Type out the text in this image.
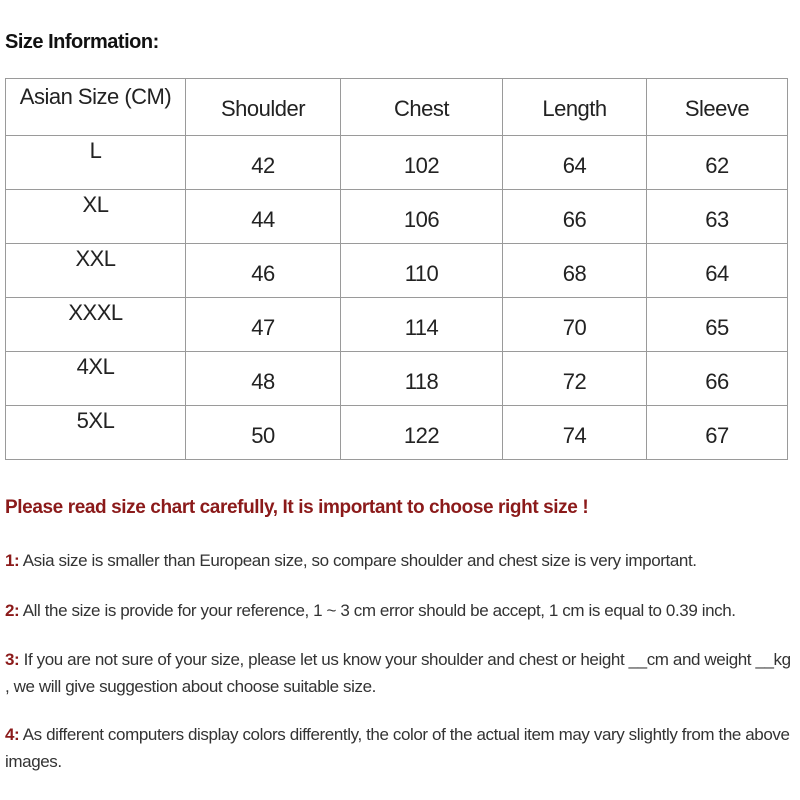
Size Information:
Asian Size (CM)	Shoulder	Chest	Length	Sleeve
L	42	102	64	62
XL	44	106	66	63
XXL	46	110	68	64
XXXL	47	114	70	65
4XL	48	118	72	66
5XL	50	122	74	67
Please read size chart carefully, It is important to choose right size !
1: Asia size is smaller than European size, so compare shoulder and chest size is very important.
2: All the size is provide for your reference, 1 ~ 3 cm error should be accept, 1 cm is equal to 0.39 inch.
3: If you are not sure of your size, please let us know your shoulder and chest or height __cm and weight __kg , we will give suggestion about choose suitable size.
4: As different computers display colors differently, the color of the actual item may vary slightly from the above images.
